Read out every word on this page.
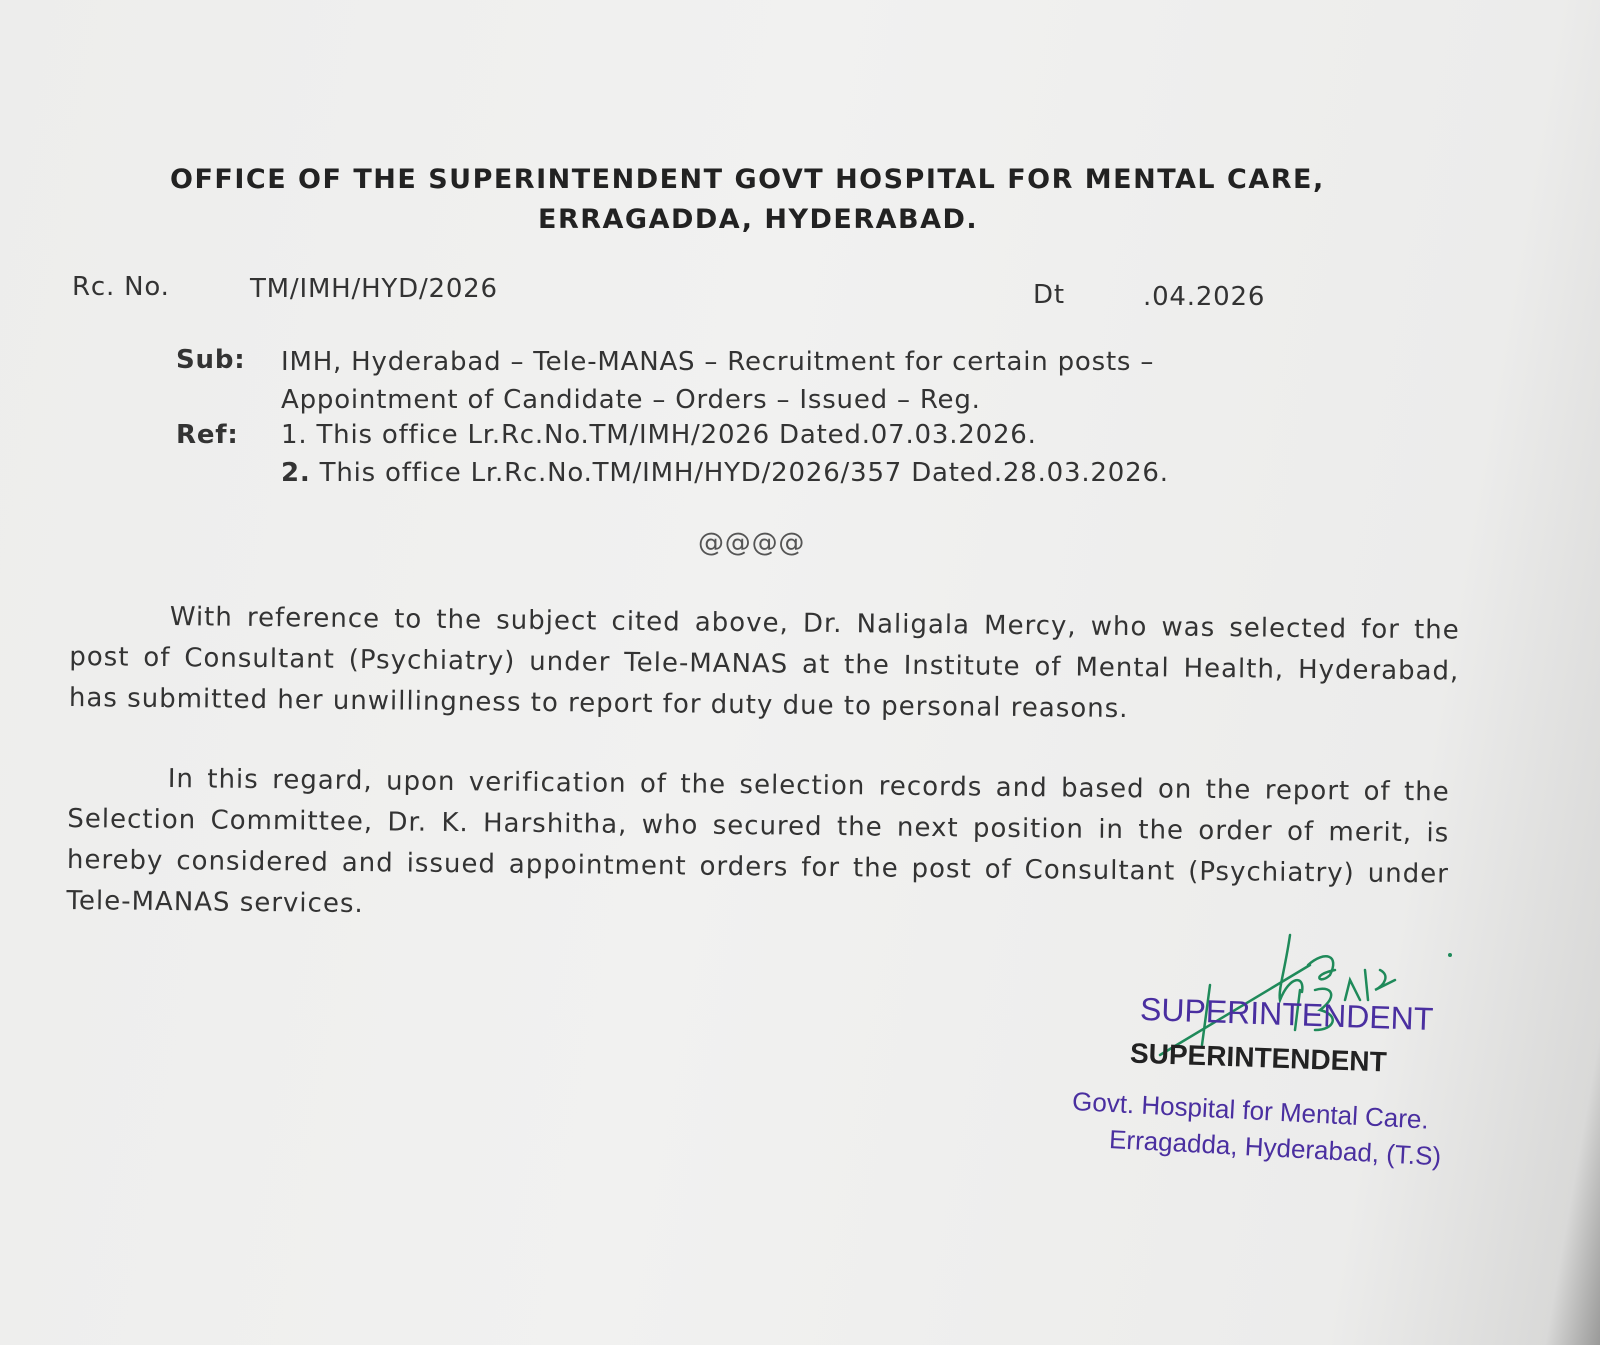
OFFICE OF THE SUPERINTENDENT GOVT HOSPITAL FOR MENTAL CARE,
ERRAGADDA, HYDERABAD.
Rc. No.	TM/IMH/HYD/2026	Dt	.04.2026
Sub: IMH, Hyderabad – Tele-MANAS – Recruitment for certain posts –
Appointment of Candidate – Orders – Issued – Reg.
Ref: 1. This office Lr.Rc.No.TM/IMH/2026 Dated.07.03.2026.
2. This office Lr.Rc.No.TM/IMH/HYD/2026/357 Dated.28.03.2026.
@@@@
With reference to the subject cited above, Dr. Naligala Mercy, who was selected for the post of Consultant (Psychiatry) under Tele-MANAS at the Institute of Mental Health, Hyderabad, has submitted her unwillingness to report for duty due to personal reasons.
In this regard, upon verification of the selection records and based on the report of the Selection Committee, Dr. K. Harshitha, who secured the next position in the order of merit, is hereby considered and issued appointment orders for the post of Consultant (Psychiatry) under Tele-MANAS services.
SUPERINTENDENT
SUPERINTENDENT
Govt. Hospital for Mental Care.
Erragadda, Hyderabad, (T.S)
